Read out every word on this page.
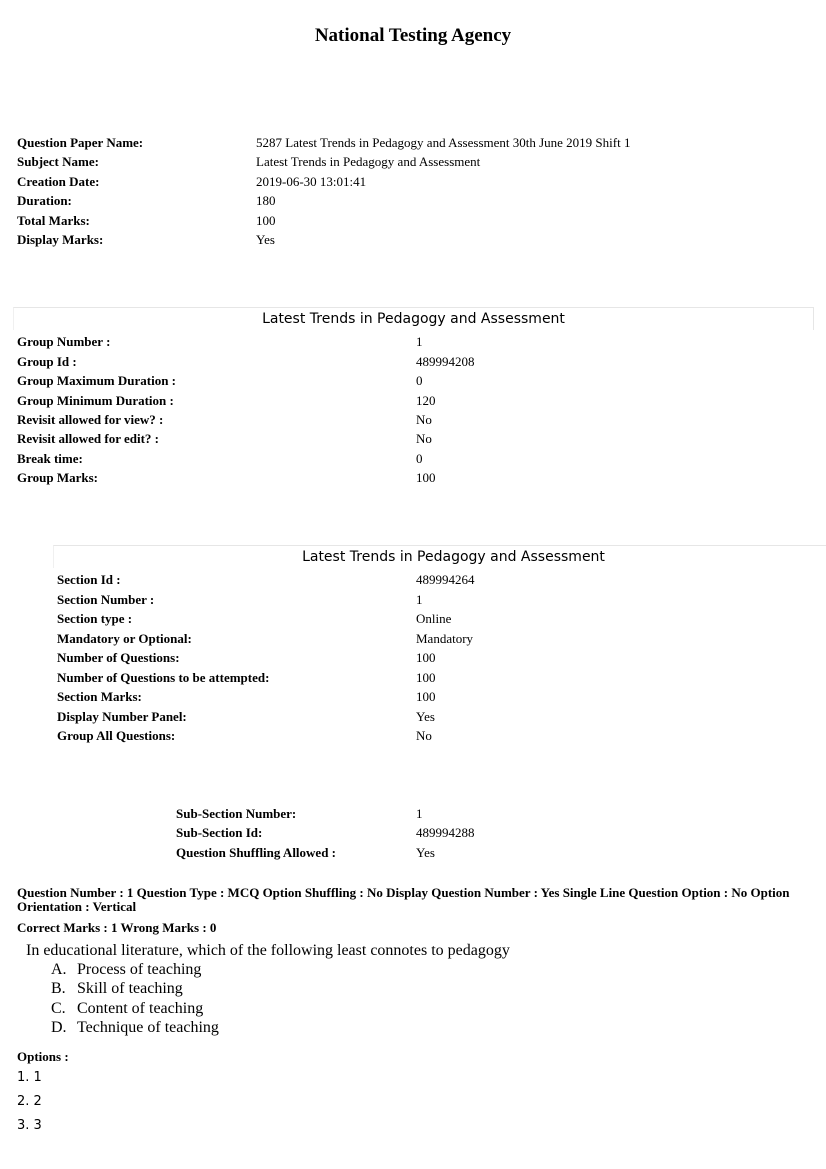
National Testing Agency
Question Paper Name:	5287 Latest Trends in Pedagogy and Assessment 30th June 2019 Shift 1
Subject Name:	Latest Trends in Pedagogy and Assessment
Creation Date:	2019-06-30 13:01:41
Duration:	180
Total Marks:	100
Display Marks:	Yes
Latest Trends in Pedagogy and Assessment
Group Number :	1
Group Id :	489994208
Group Maximum Duration :	0
Group Minimum Duration :	120
Revisit allowed for view? :	No
Revisit allowed for edit? :	No
Break time:	0
Group Marks:	100
Latest Trends in Pedagogy and Assessment
Section Id :	489994264
Section Number :	1
Section type :	Online
Mandatory or Optional:	Mandatory
Number of Questions:	100
Number of Questions to be attempted:	100
Section Marks:	100
Display Number Panel:	Yes
Group All Questions:	No
Sub-Section Number:	1
Sub-Section Id:	489994288
Question Shuffling Allowed :	Yes
Question Number : 1 Question Type : MCQ Option Shuffling : No Display Question Number : Yes Single Line Question Option : No Option Orientation : Vertical
Correct Marks : 1 Wrong Marks : 0
In educational literature, which of the following least connotes to pedagogy
A. Process of teaching
B. Skill of teaching
C. Content of teaching
D. Technique of teaching
Options :
1. 1
2. 2
3. 3
